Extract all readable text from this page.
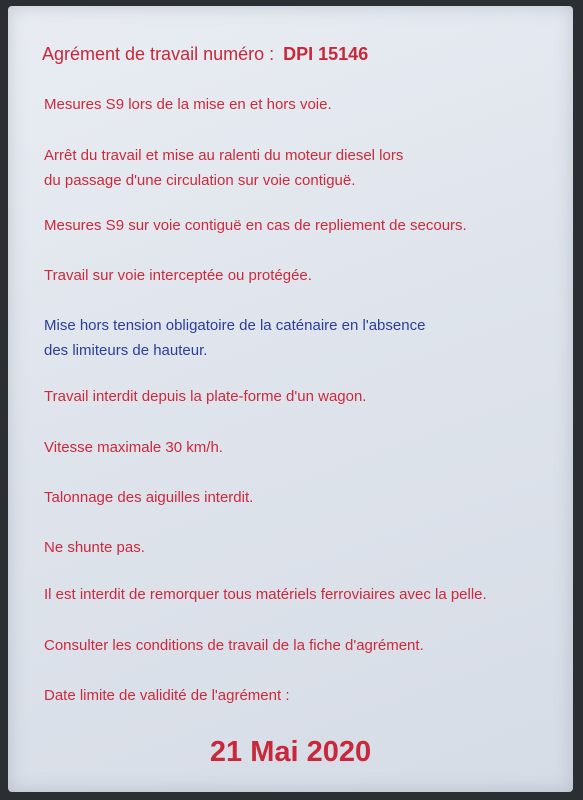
Agrément de travail numéro : DPI 15146

Mesures S9 lors de la mise en et hors voie.

Arrêt du travail et mise au ralenti du moteur diesel lors
du passage d'une circulation sur voie contiguë.

Mesures S9 sur voie contiguë en cas de repliement de secours.

Travail sur voie interceptée ou protégée.

Mise hors tension obligatoire de la caténaire en l'absence
des limiteurs de hauteur.

Travail interdit depuis la plate-forme d'un wagon.

Vitesse maximale 30 km/h.

Talonnage des aiguilles interdit.

Ne shunte pas.

Il est interdit de remorquer tous matériels ferroviaires avec la pelle.

Consulter les conditions de travail de la fiche d'agrément.

Date limite de validité de l'agrément :

21 Mai 2020
